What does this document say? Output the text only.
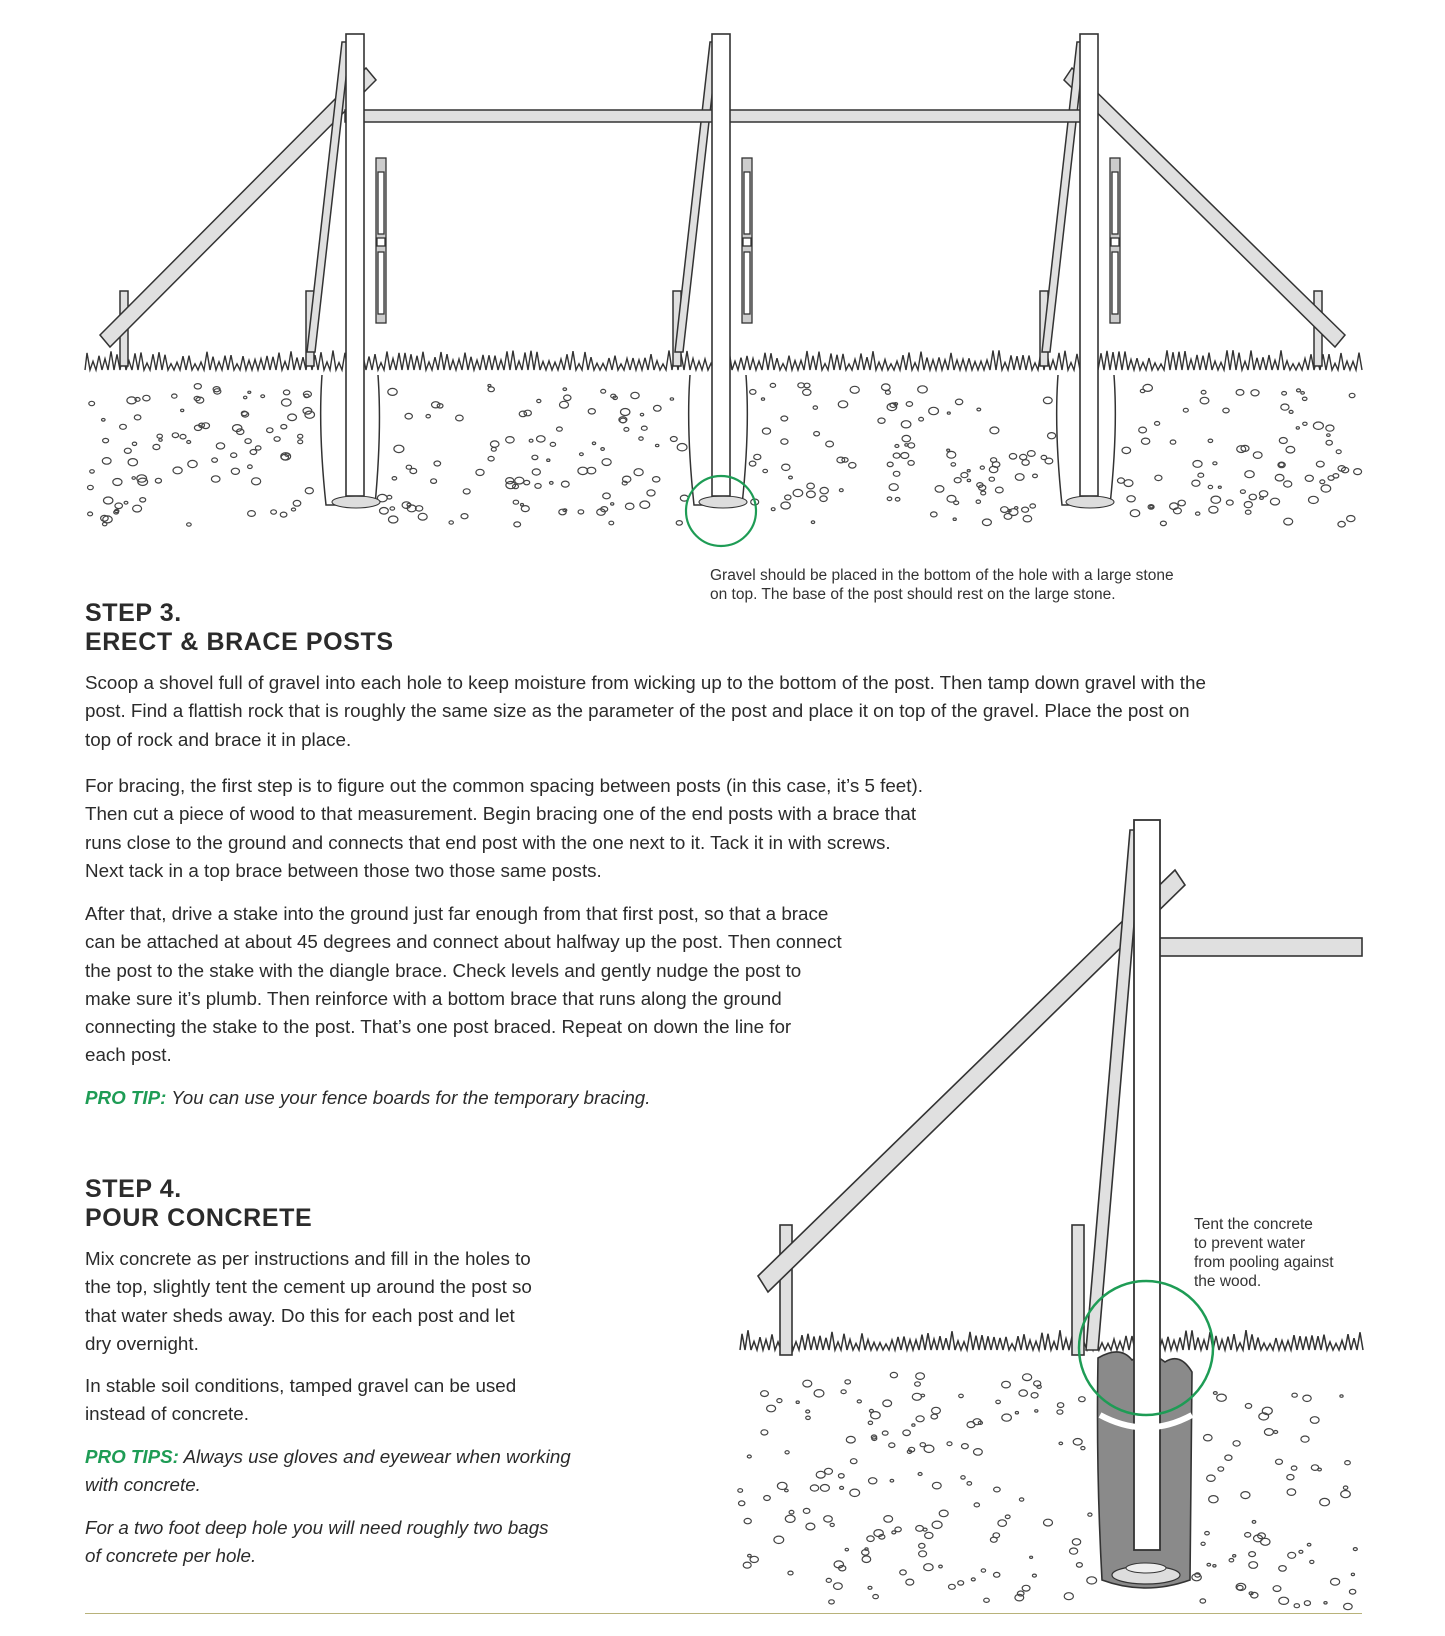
Gravel should be placed in the bottom of the hole with a large stone
on top. The base of the post should rest on the large stone.
STEP 3.
ERECT & BRACE POSTS

Scoop a shovel full of gravel into each hole to keep moisture from wicking up to the bottom of the post. Then tamp down gravel with the

post. Find a flattish rock that is roughly the same size as the parameter of the post and place it on top of the gravel. Place the post on

top of rock and brace it in place.

For bracing, the first step is to figure out the common spacing between posts (in this case, it’s 5 feet).

Then cut a piece of wood to that measurement. Begin bracing one of the end posts with a brace that

runs close to the ground and connects that end post with the one next to it. Tack it in with screws.

Next tack in a top brace between those two those same posts.

After that, drive a stake into the ground just far enough from that first post, so that a brace

can be attached at about 45 degrees and connect about halfway up the post. Then connect

the post to the stake with the diangle brace. Check levels and gently nudge the post to

make sure it’s plumb. Then reinforce with a bottom brace that runs along the ground

connecting the stake to the post. That’s one post braced. Repeat on down the line for

each post.

PRO TIP: You can use your fence boards for the temporary bracing.

STEP 4.
POUR CONCRETE

Mix concrete as per instructions and fill in the holes to

the top, slightly tent the cement up around the post so

that water sheds away. Do this for each post and let

dry overnight.

In stable soil conditions, tamped gravel can be used

instead of concrete.

PRO TIPS: Always use gloves and eyewear when working

with concrete.

For a two foot deep hole you will need roughly two bags

of concrete per hole.

Tent the concrete
to prevent water
from pooling against
the wood.
